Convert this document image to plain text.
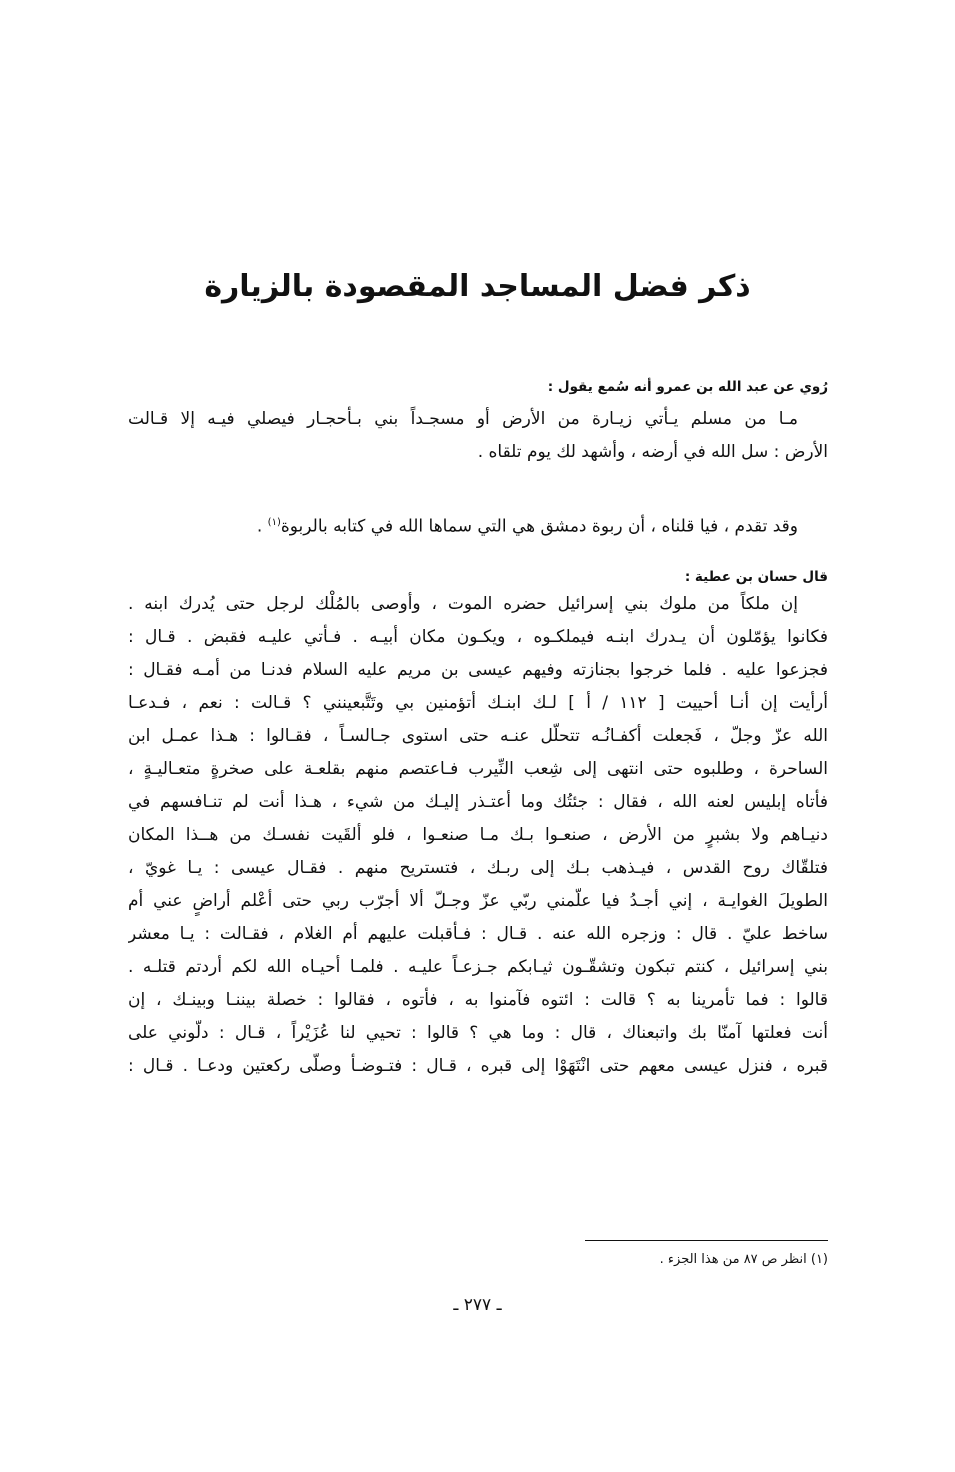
ذكر فضل المساجد المقصودة بالزيارة
رُوي عن عبد الله بن عمرو أنه سُمع يقول :
مـا من مسلم يـأتي زيـارة من الأرض أو مسجـداً بني بـأحجـار فيصلي فيـه إلا قـالت
الأرض : سل الله في أرضه ، وأشهد لك يوم تلقاه .
وقد تقدم ، فيا قلناه ، أن ربوة دمشق هي التي سماها الله في كتابه بالربوة$^{(١)}$ .
قال حسان بن عطية :
إن ملكاً من ملوك بني إسرائيل حضره الموت ، وأوصى بالمُلْك لرجل حتى يُدرك ابنه .
فكانوا يؤمّلون أن يـدرك ابنـه فيملكـوه ، ويكـون مكان أبيـه . فـأتي عليـه فقبض . قـال :
فجزعوا عليه . فلما خرجوا بجنازته وفيهم عيسى بن مريم عليه السلام فدنـا من أمـه فقـال :
أرأيت إن أنـا أحييت [ ١١٢ / أ ] لـك ابنـك أتؤمنين بي وتَتَّبعينني ؟ قـالت : نعم ، فـدعـا
الله عزّ وجلّ ، فَجعلت أكفـانُـه تتحلّل عنـه حتى استوى جـالسـاً ، فقـالوا : هـذا عمـل ابن
الساحرة ، وطلبوه حتى انتهى إلى شِعب النِّيرب فـاعتصم منهم بقلعـة على صخرةٍ متعـاليـةٍ ،
فأتاه إبليس لعنه الله ، فقال : جئتُك وما أعتـذر إليـك من شيء ، هـذا أنت لم تنـافسهم في
دنيـاهم ولا بشبرٍ من الأرض ، صنعـوا بـك مـا صنعـوا ، فلو ألقَيت نفسـك من هــذا المكان
فتلقّاك روح القدس ، فيـذهب بـك إلى ربـك ، فتستريح منهم . فقـال عيسى : يـا غويّ ،
الطويلَ الغوايـة ، إني أجـدُ فيا علّمني ربّي عزّ وجـلّ ألا أجرّب ربي حتى أعْلم أراضٍ عني أم
ساخط عليّ . قال : وزجره الله عنه . قـال : فـأقبلت عليهم أم الغلام ، فقـالت : يـا معشر
بني إسرائيل ، كنتم تبكون وتشقّـون ثيـابكم جـزعـاً عليـه . فلمـا أحيـاه الله لكم أردتم قتلـه .
قالوا : فما تأمرينا به ؟ قالت : ائتوه فآمنوا به ، فأتوه ، فقالوا : خصلة بيننـا وبينـك ، إن
أنت فعلتها آمنّا بك واتبعناك ، قال : وما هي ؟ قالوا : تحيي لنا عُزَيْراً ، قـال : دلّوني على
قبره ، فنزل عيسى معهم حتى انْتَهَوْا إلى قبره ، قـال : فتـوضـأ وصلّى ركعتين ودعـا . قـال :
(١) انظر ص ٨٧ من هذا الجزء .
ـ ٢٧٧ ـ
